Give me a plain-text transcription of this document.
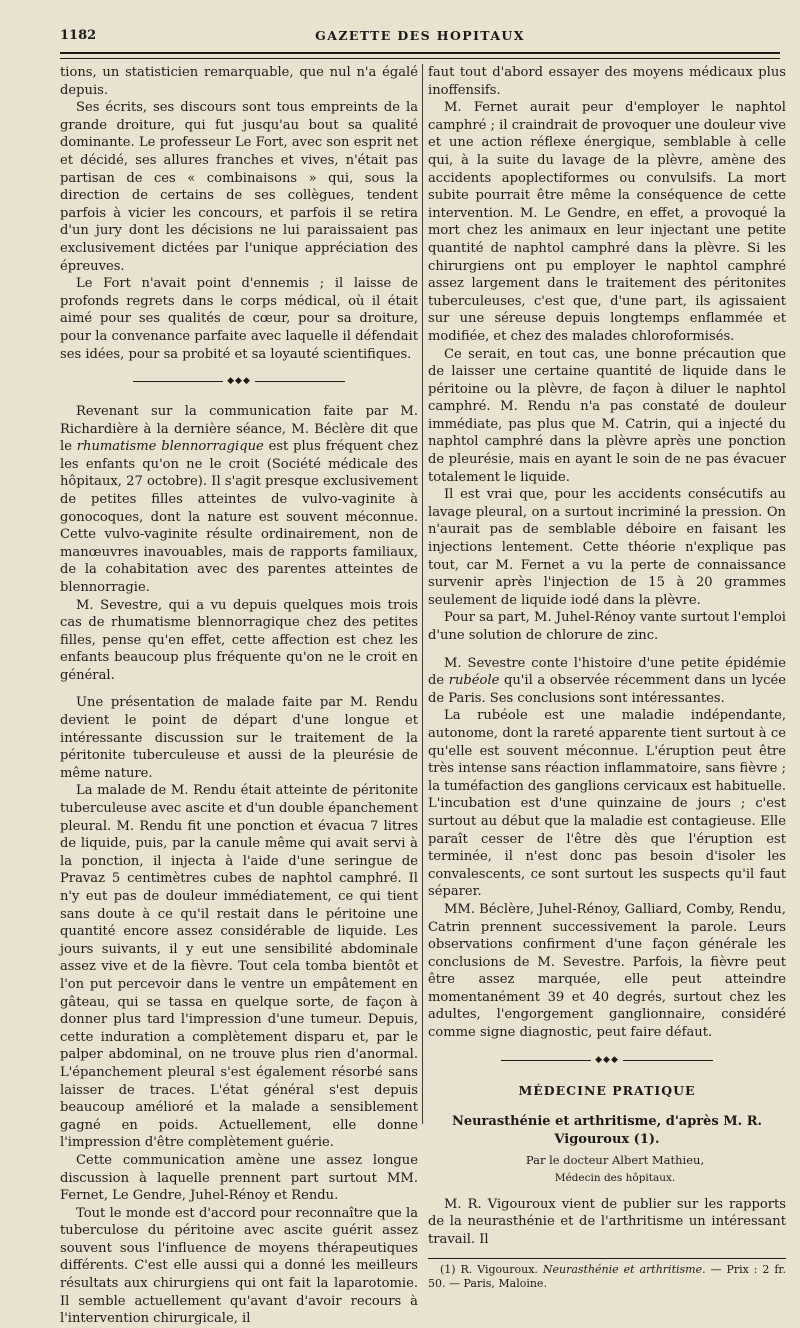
1182	GAZETTE DES HOPITAUX

tions, un statisticien remarquable, que nul n'a égalé depuis.

Ses écrits, ses discours sont tous empreints de la grande droiture, qui fut jusqu'au bout sa qualité dominante. Le professeur Le Fort, avec son esprit net et décidé, ses allures franches et vives, n'était pas partisan de ces « combinaisons » qui, sous la direction de certains de ses collègues, tendent parfois à vicier les concours, et parfois il se retira d'un jury dont les décisions ne lui paraissaient pas exclusivement dictées par l'unique appréciation des épreuves.

Le Fort n'avait point d'ennemis ; il laisse de profonds regrets dans le corps médical, où il était aimé pour ses qualités de cœur, pour sa droiture, pour la convenance parfaite avec laquelle il défendait ses idées, pour sa probité et sa loyauté scientifiques.

◆◆◆

Revenant sur la communication faite par M. Richardière à la dernière séance, M. Béclère dit que le rhumatisme blennorragique est plus fréquent chez les enfants qu'on ne le croit (Société médicale des hôpitaux, 27 octobre). Il s'agit presque exclusivement de petites filles atteintes de vulvo-vaginite à gonocoques, dont la nature est souvent méconnue. Cette vulvo-vaginite résulte ordinairement, non de manœuvres inavouables, mais de rapports familiaux, de la cohabitation avec des parentes atteintes de blennorragie.

M. Sevestre, qui a vu depuis quelques mois trois cas de rhumatisme blennorragique chez des petites filles, pense qu'en effet, cette affection est chez les enfants beaucoup plus fréquente qu'on ne le croit en général.

Une présentation de malade faite par M. Rendu devient le point de départ d'une longue et intéressante discussion sur le traitement de la péritonite tuberculeuse et aussi de la pleurésie de même nature.

La malade de M. Rendu était atteinte de péritonite tuberculeuse avec ascite et d'un double épanchement pleural. M. Rendu fit une ponction et évacua 7 litres de liquide, puis, par la canule même qui avait servi à la ponction, il injecta à l'aide d'une seringue de Pravaz 5 centimètres cubes de naphtol camphré. Il n'y eut pas de douleur immédiatement, ce qui tient sans doute à ce qu'il restait dans le péritoine une quantité encore assez considérable de liquide. Les jours suivants, il y eut une sensibilité abdominale assez vive et de la fièvre. Tout cela tomba bientôt et l'on put percevoir dans le ventre un empâtement en gâteau, qui se tassa en quelque sorte, de façon à donner plus tard l'impression d'une tumeur. Depuis, cette induration a complètement disparu et, par le palper abdominal, on ne trouve plus rien d'anormal. L'épanchement pleural s'est également résorbé sans laisser de traces. L'état général s'est depuis beaucoup amélioré et la malade a sensiblement gagné en poids. Actuellement, elle donne l'impression d'être complètement guérie.

Cette communication amène une assez longue discussion à laquelle prennent part surtout MM. Fernet, Le Gendre, Juhel-Rénoy et Rendu.

Tout le monde est d'accord pour reconnaître que la tuberculose du péritoine avec ascite guérit assez souvent sous l'influence de moyens thérapeutiques différents. C'est elle aussi qui a donné les meilleurs résultats aux chirurgiens qui ont fait la laparotomie. Il semble actuellement qu'avant d'avoir recours à l'intervention chirurgicale, il

faut tout d'abord essayer des moyens médicaux plus inoffensifs.

M. Fernet aurait peur d'employer le naphtol camphré ; il craindrait de provoquer une douleur vive et une action réflexe énergique, semblable à celle qui, à la suite du lavage de la plèvre, amène des accidents apoplectiformes ou convulsifs. La mort subite pourrait être même la conséquence de cette intervention. M. Le Gendre, en effet, a provoqué la mort chez les animaux en leur injectant une petite quantité de naphtol camphré dans la plèvre. Si les chirurgiens ont pu employer le naphtol camphré assez largement dans le traitement des péritonites tuberculeuses, c'est que, d'une part, ils agissaient sur une séreuse depuis longtemps enflammée et modifiée, et chez des malades chloroformisés.

Ce serait, en tout cas, une bonne précaution que de laisser une certaine quantité de liquide dans le péritoine ou la plèvre, de façon à diluer le naphtol camphré. M. Rendu n'a pas constaté de douleur immédiate, pas plus que M. Catrin, qui a injecté du naphtol camphré dans la plèvre après une ponction de pleurésie, mais en ayant le soin de ne pas évacuer totalement le liquide.

Il est vrai que, pour les accidents consécutifs au lavage pleural, on a surtout incriminé la pression. On n'aurait pas de semblable déboire en faisant les injections lentement. Cette théorie n'explique pas tout, car M. Fernet a vu la perte de connaissance survenir après l'injection de 15 à 20 grammes seulement de liquide iodé dans la plèvre.

Pour sa part, M. Juhel-Rénoy vante surtout l'emploi d'une solution de chlorure de zinc.

M. Sevestre conte l'histoire d'une petite épidémie de rubéole qu'il a observée récemment dans un lycée de Paris. Ses conclusions sont intéressantes.

La rubéole est une maladie indépendante, autonome, dont la rareté apparente tient surtout à ce qu'elle est souvent méconnue. L'éruption peut être très intense sans réaction inflammatoire, sans fièvre ; la tuméfaction des ganglions cervicaux est habituelle. L'incubation est d'une quinzaine de jours ; c'est surtout au début que la maladie est contagieuse. Elle paraît cesser de l'être dès que l'éruption est terminée, il n'est donc pas besoin d'isoler les convalescents, ce sont surtout les suspects qu'il faut séparer.

MM. Béclère, Juhel-Rénoy, Galliard, Comby, Rendu, Catrin prennent successivement la parole. Leurs observations confirment d'une façon générale les conclusions de M. Sevestre. Parfois, la fièvre peut être assez marquée, elle peut atteindre momentanément 39 et 40 degrés, surtout chez les adultes, l'engorgement ganglionnaire, considéré comme signe diagnostic, peut faire défaut.

◆◆◆
MÉDECINE PRATIQUE
Neurasthénie et arthritisme, d'après M. R. Vigouroux (1).

Par le docteur Albert Mathieu,

Médecin des hôpitaux.

M. R. Vigouroux vient de publier sur les rapports de la neurasthénie et de l'arthritisme un intéressant travail. Il

(1) R. Vigouroux. Neurasthénie et arthritisme. — Prix : 2 fr. 50. — Paris, Maloine.
